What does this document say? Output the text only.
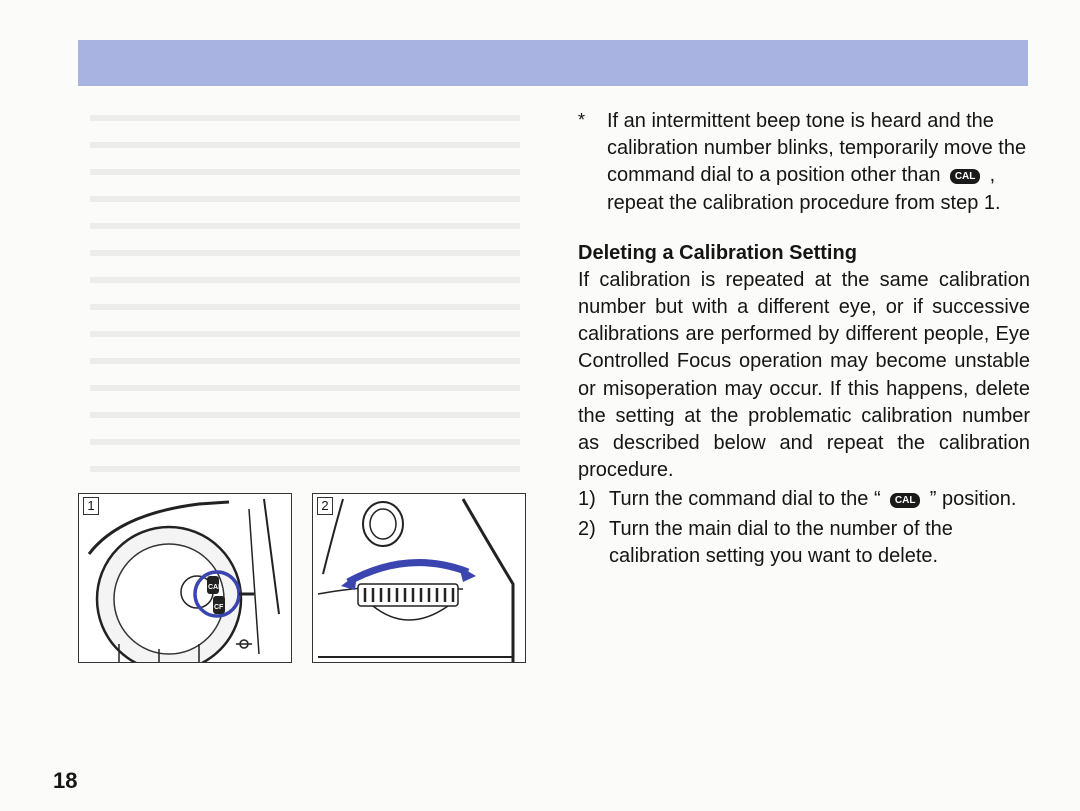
* If an intermittent beep tone is heard and the calibration number blinks, temporarily move the command dial to a position other than CAL , repeat the calibration procedure from step 1.
Deleting a Calibration Setting
If calibration is repeated at the same calibration number but with a different eye, or if successive calibrations are performed by different people, Eye Controlled Focus operation may become unstable or misoperation may occur. If this happens, delete the setting at the problematic calibration number as described below and repeat the calibration procedure.
1) Turn the command dial to the “ CAL ” position.
2) Turn the main dial to the number of the calibration setting you want to delete.
CAL
CF
1	2
18
